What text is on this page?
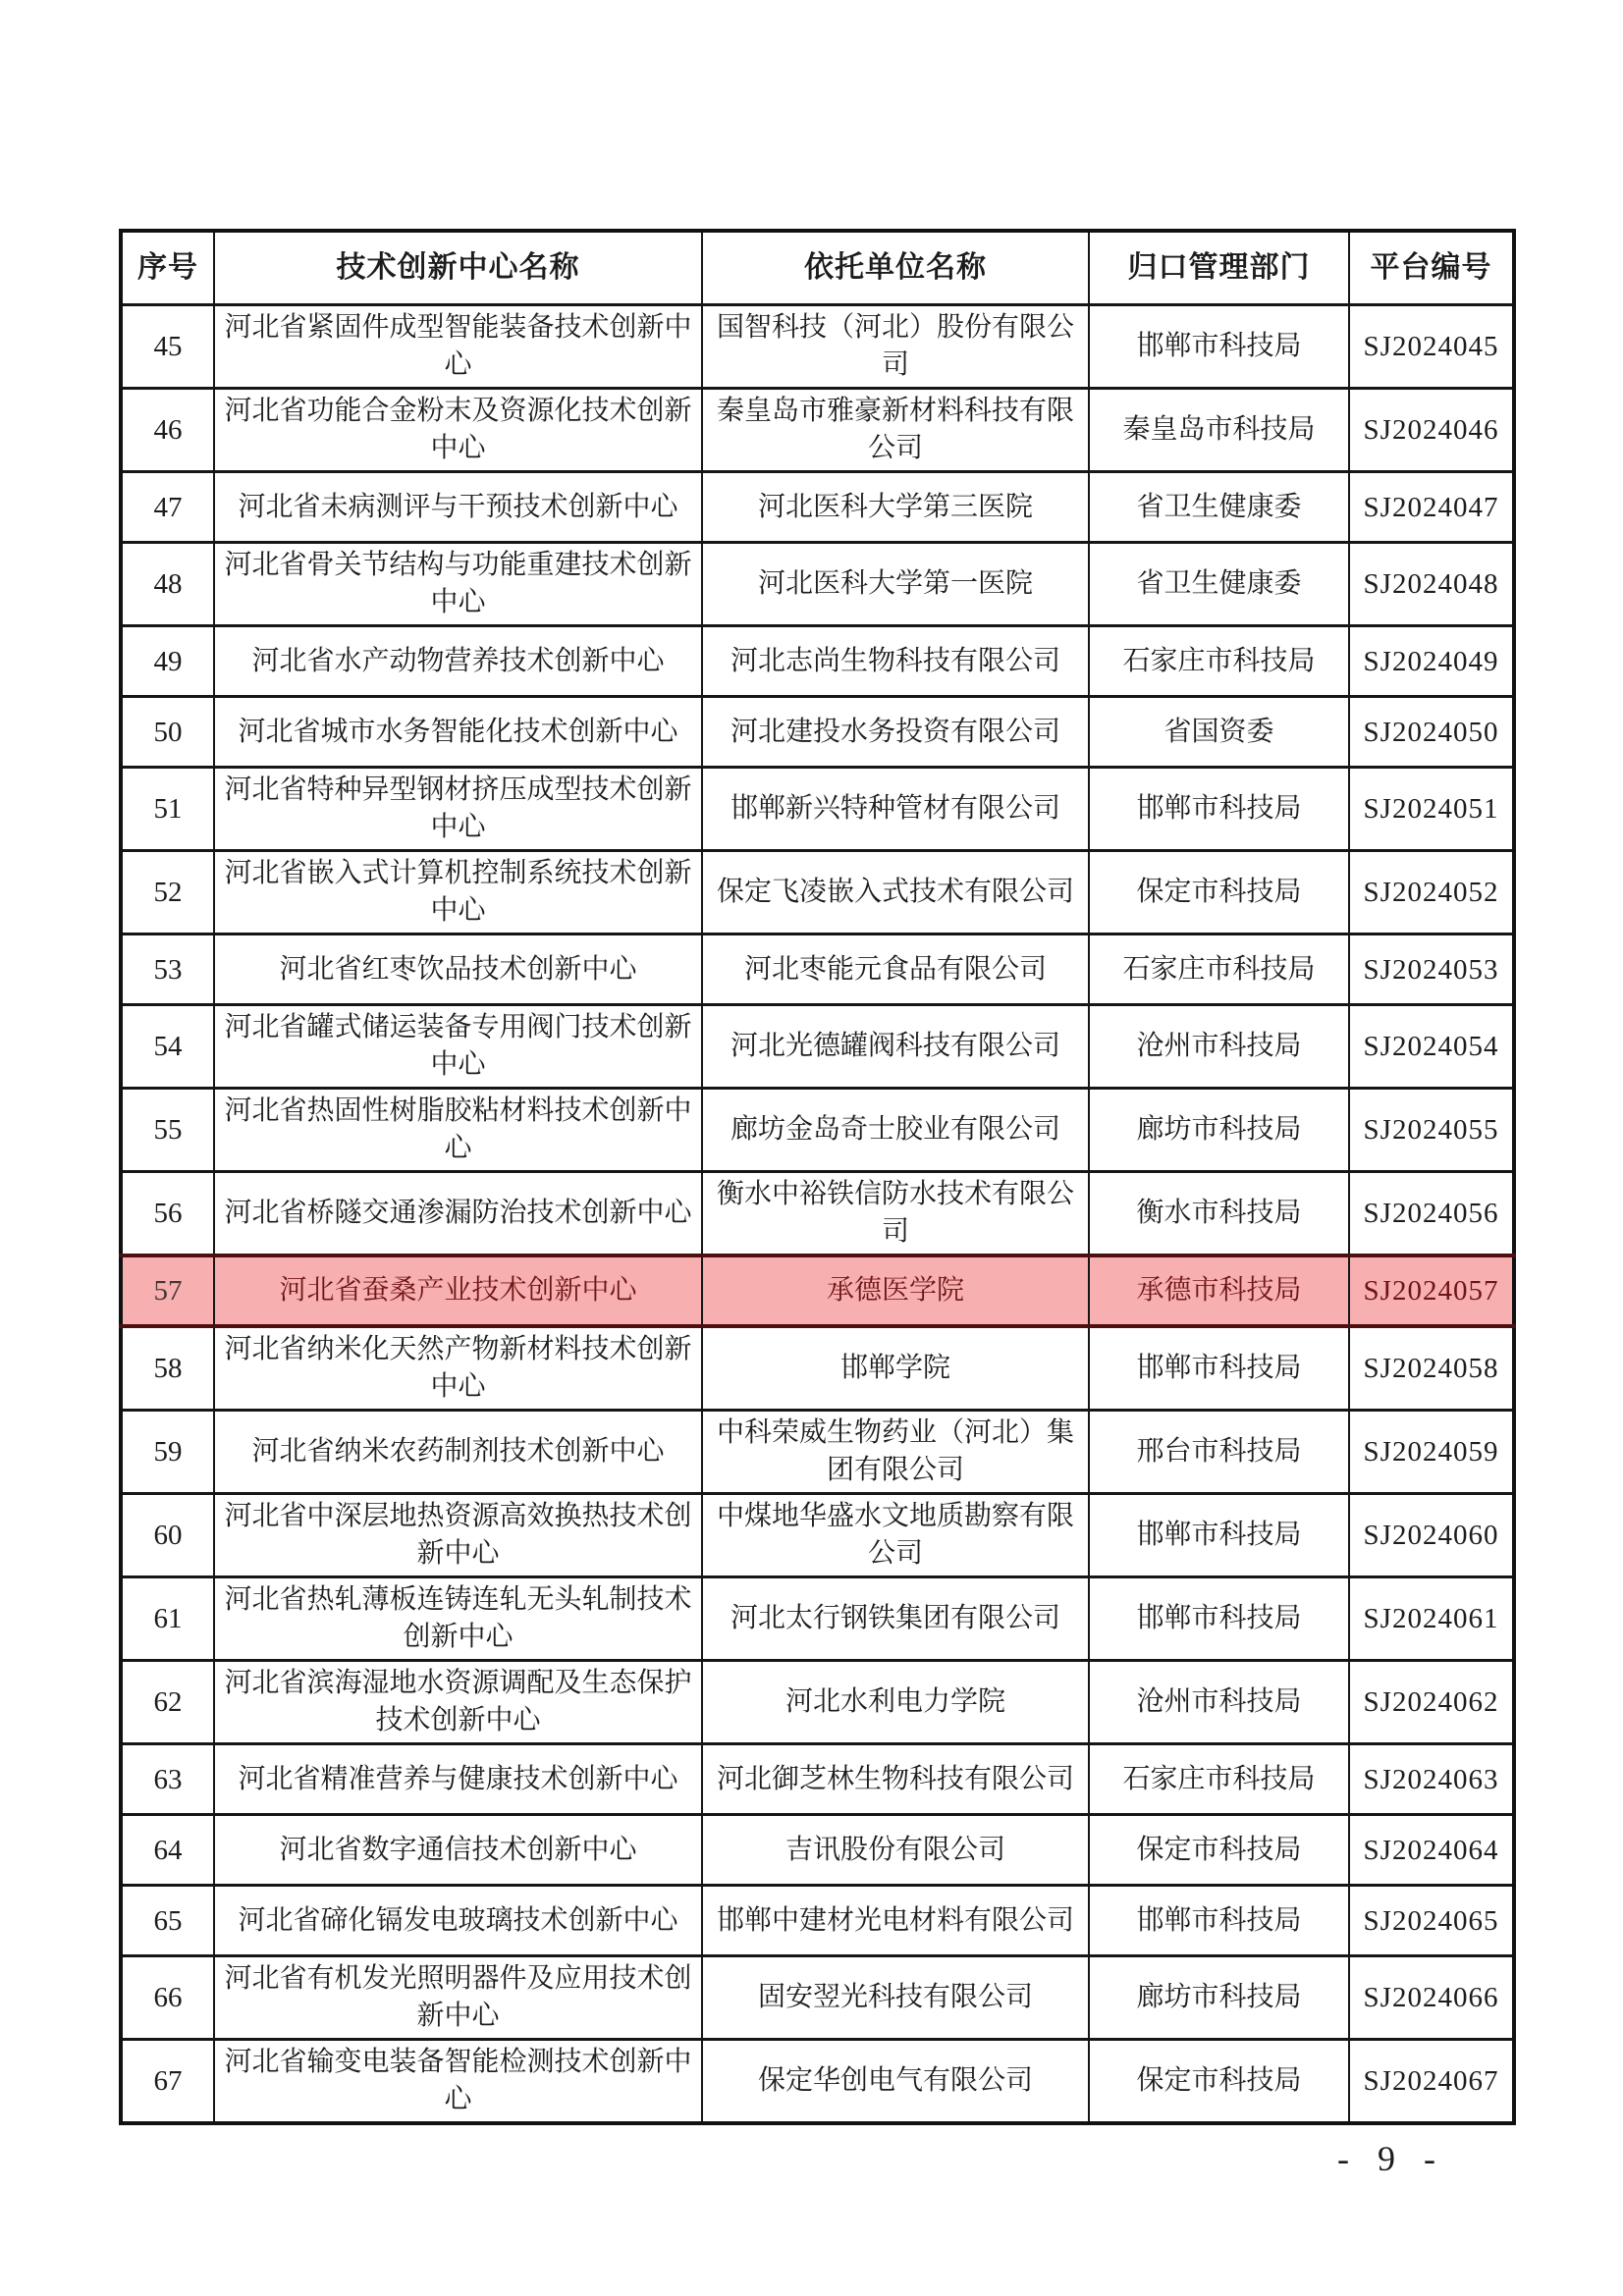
序号	技术创新中心名称	依托单位名称	归口管理部门	平台编号
45	河北省紧固件成型智能装备技术创新中心	国智科技（河北）股份有限公司	邯郸市科技局	SJ2024045
46	河北省功能合金粉末及资源化技术创新中心	秦皇岛市雅豪新材料科技有限公司	秦皇岛市科技局	SJ2024046
47	河北省未病测评与干预技术创新中心	河北医科大学第三医院	省卫生健康委	SJ2024047
48	河北省骨关节结构与功能重建技术创新中心	河北医科大学第一医院	省卫生健康委	SJ2024048
49	河北省水产动物营养技术创新中心	河北志尚生物科技有限公司	石家庄市科技局	SJ2024049
50	河北省城市水务智能化技术创新中心	河北建投水务投资有限公司	省国资委	SJ2024050
51	河北省特种异型钢材挤压成型技术创新中心	邯郸新兴特种管材有限公司	邯郸市科技局	SJ2024051
52	河北省嵌入式计算机控制系统技术创新中心	保定飞凌嵌入式技术有限公司	保定市科技局	SJ2024052
53	河北省红枣饮品技术创新中心	河北枣能元食品有限公司	石家庄市科技局	SJ2024053
54	河北省罐式储运装备专用阀门技术创新中心	河北光德罐阀科技有限公司	沧州市科技局	SJ2024054
55	河北省热固性树脂胶粘材料技术创新中心	廊坊金岛奇士胶业有限公司	廊坊市科技局	SJ2024055
56	河北省桥隧交通渗漏防治技术创新中心	衡水中裕铁信防水技术有限公司	衡水市科技局	SJ2024056
57	河北省蚕桑产业技术创新中心	承德医学院	承德市科技局	SJ2024057
58	河北省纳米化天然产物新材料技术创新中心	邯郸学院	邯郸市科技局	SJ2024058
59	河北省纳米农药制剂技术创新中心	中科荣威生物药业（河北）集团有限公司	邢台市科技局	SJ2024059
60	河北省中深层地热资源高效换热技术创新中心	中煤地华盛水文地质勘察有限公司	邯郸市科技局	SJ2024060
61	河北省热轧薄板连铸连轧无头轧制技术创新中心	河北太行钢铁集团有限公司	邯郸市科技局	SJ2024061
62	河北省滨海湿地水资源调配及生态保护技术创新中心	河北水利电力学院	沧州市科技局	SJ2024062
63	河北省精准营养与健康技术创新中心	河北御芝林生物科技有限公司	石家庄市科技局	SJ2024063
64	河北省数字通信技术创新中心	吉讯股份有限公司	保定市科技局	SJ2024064
65	河北省碲化镉发电玻璃技术创新中心	邯郸中建材光电材料有限公司	邯郸市科技局	SJ2024065
66	河北省有机发光照明器件及应用技术创新中心	固安翌光科技有限公司	廊坊市科技局	SJ2024066
67	河北省输变电装备智能检测技术创新中心	保定华创电气有限公司	保定市科技局	SJ2024067
- 9 -
